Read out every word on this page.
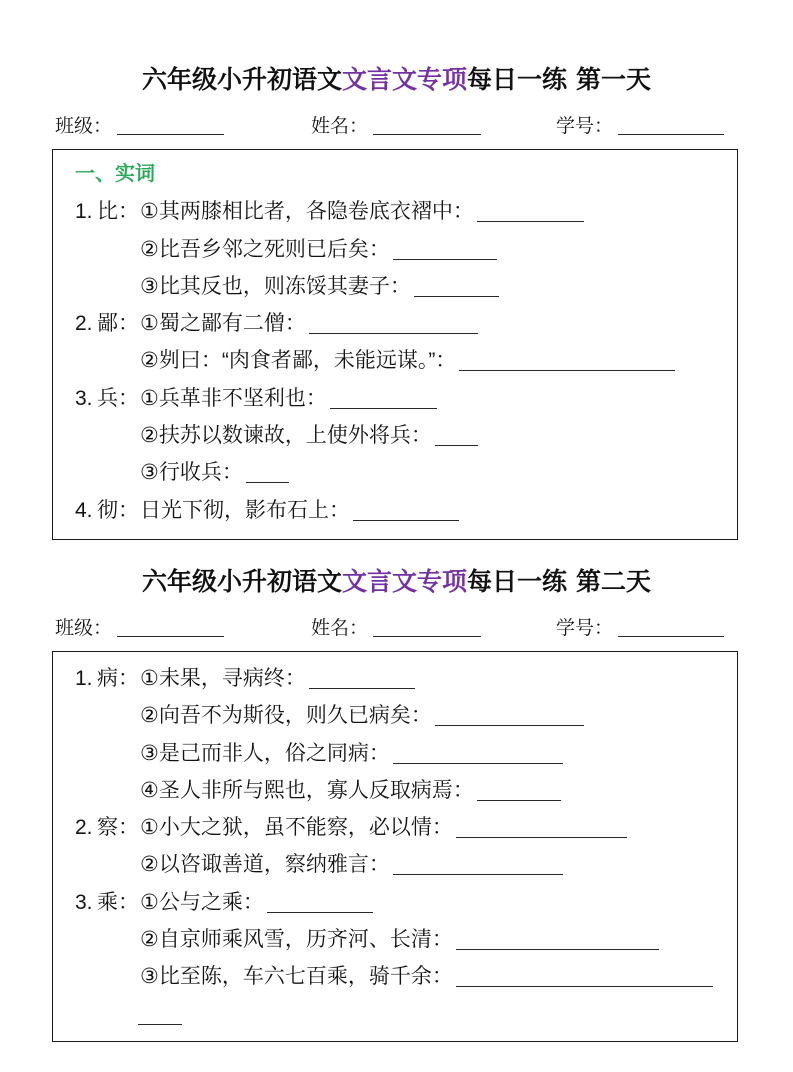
六年级小升初语文文言文专项每日一练 第一天
班级：	姓名：	学号：
一、实词
1. 比：①其两膝相比者，各隐卷底衣褶中：
②比吾乡邻之死则已后矣：
③比其反也，则冻馁其妻子：
2. 鄙：①蜀之鄙有二僧：
②刿曰：“肉食者鄙，未能远谋。”：
3. 兵：①兵革非不坚利也：
②扶苏以数谏故，上使外将兵：
③行收兵：
4. 彻：日光下彻，影布石上：
六年级小升初语文文言文专项每日一练 第二天
班级：	姓名：	学号：
1. 病：①未果，寻病终：
②向吾不为斯役，则久已病矣：
③是己而非人，俗之同病：
④圣人非所与熙也，寡人反取病焉：
2. 察：①小大之狱，虽不能察，必以情：
②以咨诹善道，察纳雅言：
3. 乘：①公与之乘：
②自京师乘风雪，历齐河、长清：
③比至陈，车六七百乘，骑千余：
